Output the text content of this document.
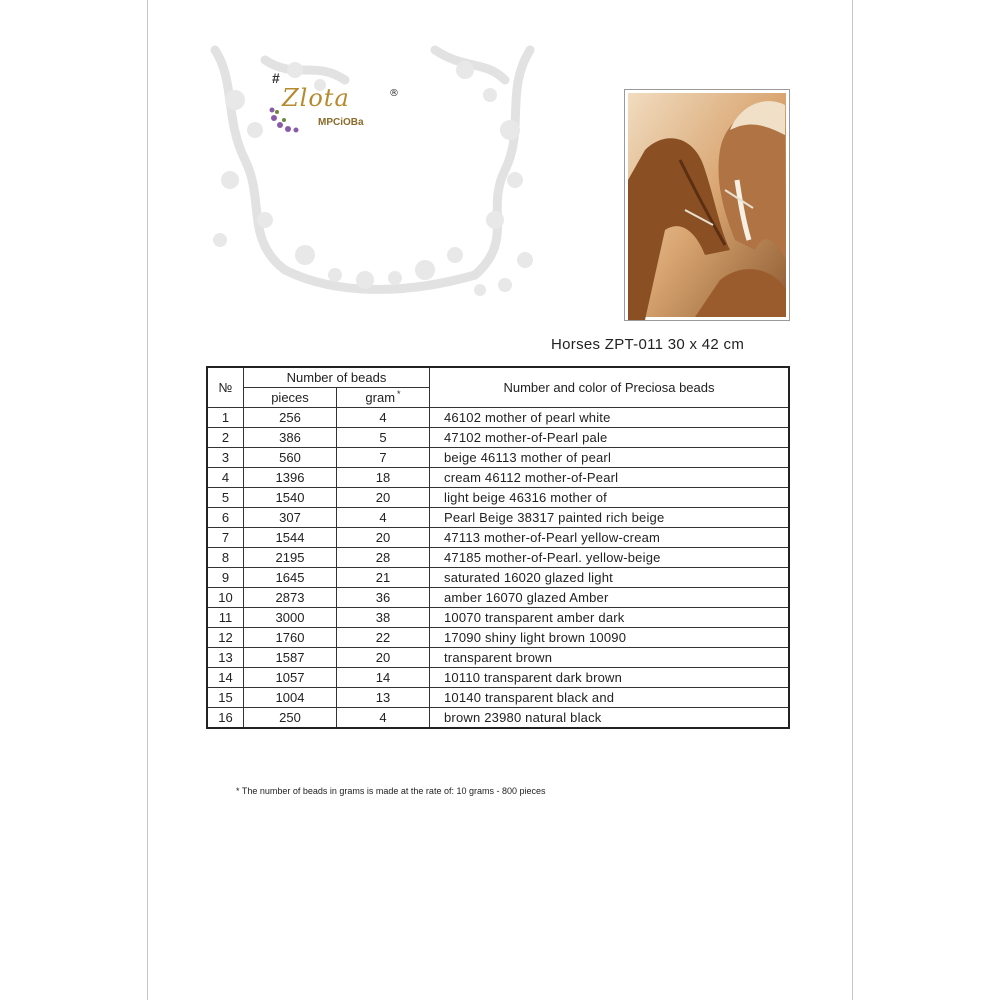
#
Zlota	®
MPCiOBa
Horses ZPT-011 30 x 42 cm
№	Number of beads		Number and color of Preciosa beads
	pieces	gram *
1	256	4	46102 mother of pearl white
2	386	5	47102 mother-of-Pearl pale
3	560	7	beige 46113 mother of pearl
4	1396	18	cream 46112 mother-of-Pearl
5	1540	20	light beige 46316 mother of
6	307	4	Pearl Beige 38317 painted rich beige
7	1544	20	47113 mother-of-Pearl yellow-cream
8	2195	28	47185 mother-of-Pearl. yellow-beige
9	1645	21	saturated 16020 glazed light
10	2873	36	amber 16070 glazed Amber
11	3000	38	10070 transparent amber dark
12	1760	22	17090 shiny light brown 10090
13	1587	20	transparent brown
14	1057	14	10110 transparent dark brown
15	1004	13	10140 transparent black and
16	250	4	brown 23980 natural black
* The number of beads in grams is made at the rate of: 10 grams - 800 pieces
